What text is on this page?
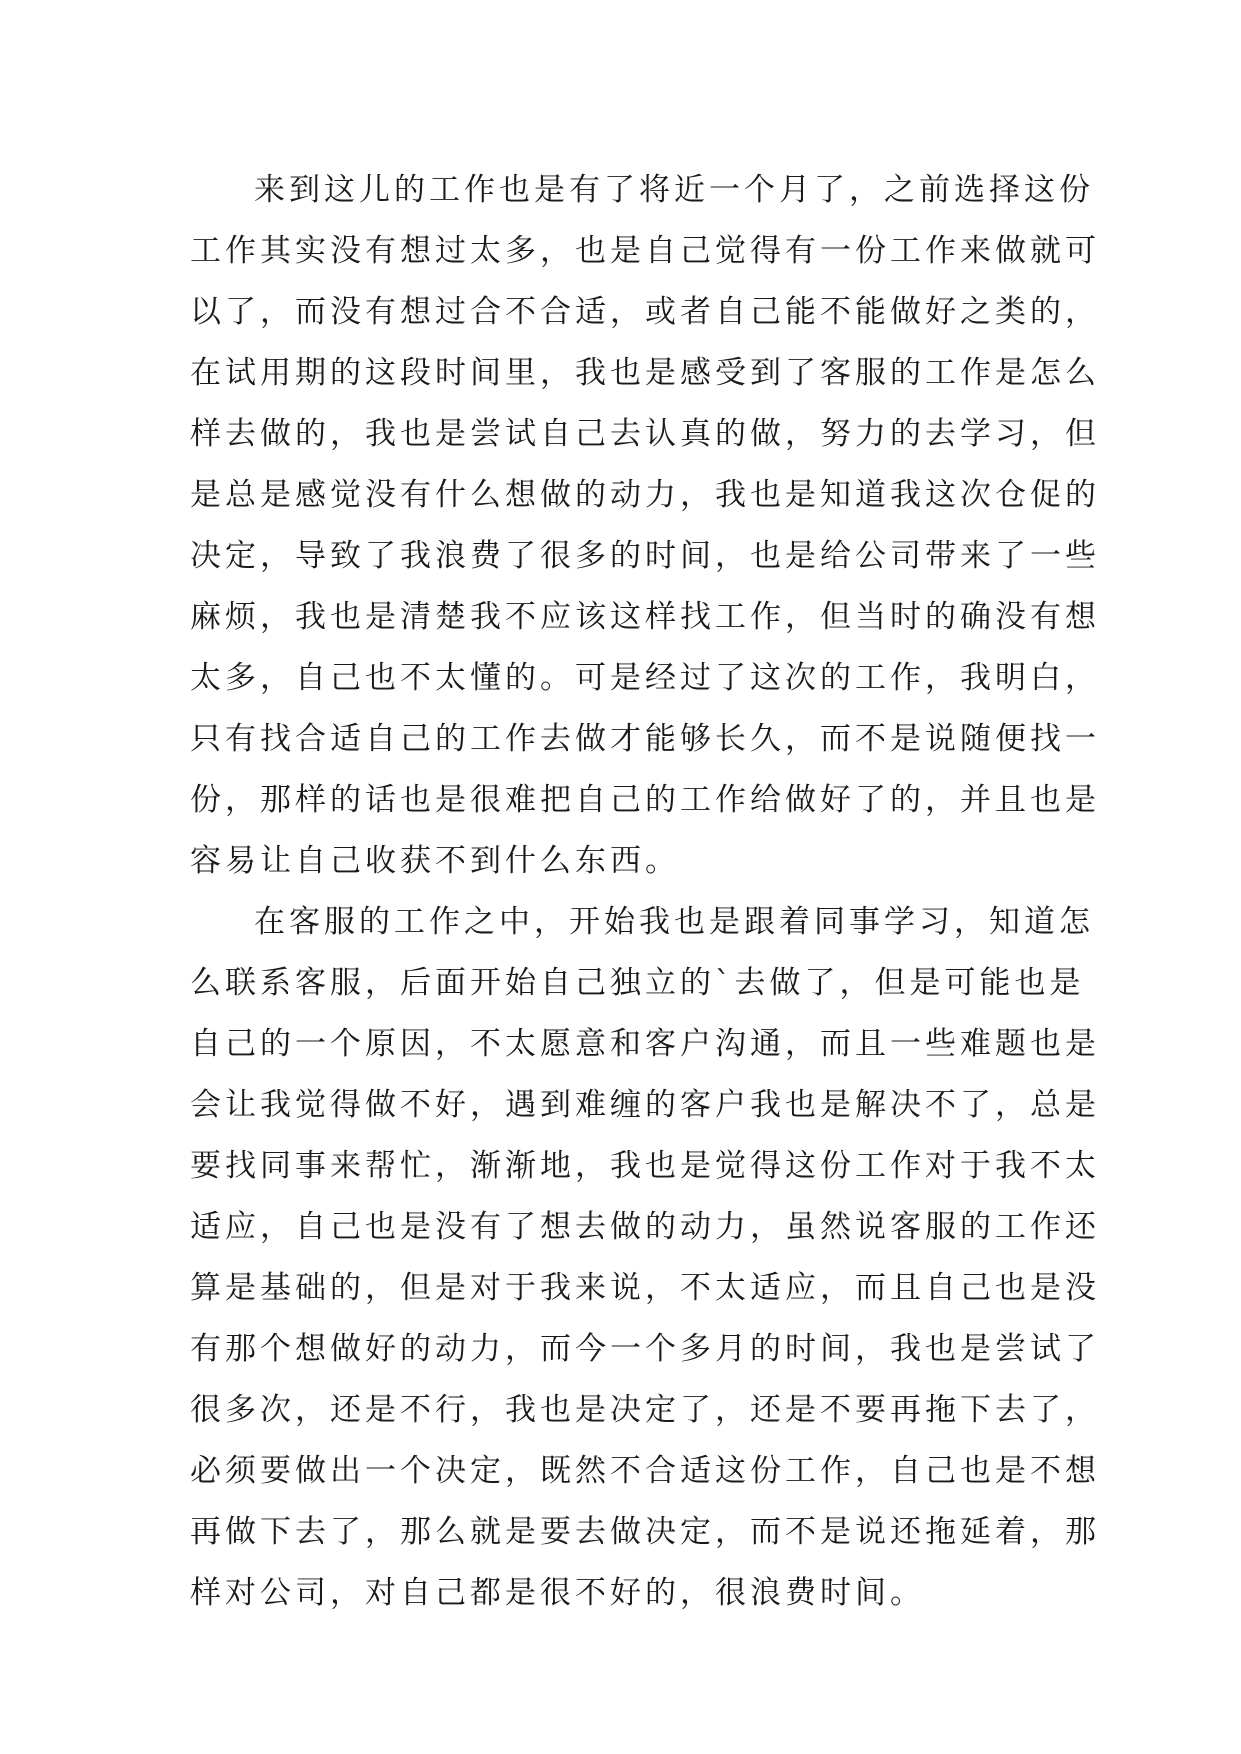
来到这儿的工作也是有了将近一个月了，之前选择这份
工作其实没有想过太多，也是自己觉得有一份工作来做就可
以了，而没有想过合不合适，或者自己能不能做好之类的，
在试用期的这段时间里，我也是感受到了客服的工作是怎么
样去做的，我也是尝试自己去认真的做，努力的去学习，但
是总是感觉没有什么想做的动力，我也是知道我这次仓促的
决定，导致了我浪费了很多的时间，也是给公司带来了一些
麻烦，我也是清楚我不应该这样找工作，但当时的确没有想
太多，自己也不太懂的。可是经过了这次的工作，我明白，
只有找合适自己的工作去做才能够长久，而不是说随便找一
份，那样的话也是很难把自己的工作给做好了的，并且也是
容易让自己收获不到什么东西。
在客服的工作之中，开始我也是跟着同事学习，知道怎
么联系客服，后面开始自己独立的`去做了，但是可能也是
自己的一个原因，不太愿意和客户沟通，而且一些难题也是
会让我觉得做不好，遇到难缠的客户我也是解决不了，总是
要找同事来帮忙，渐渐地，我也是觉得这份工作对于我不太
适应，自己也是没有了想去做的动力，虽然说客服的工作还
算是基础的，但是对于我来说，不太适应，而且自己也是没
有那个想做好的动力，而今一个多月的时间，我也是尝试了
很多次，还是不行，我也是决定了，还是不要再拖下去了，
必须要做出一个决定，既然不合适这份工作，自己也是不想
再做下去了，那么就是要去做决定，而不是说还拖延着，那
样对公司，对自己都是很不好的，很浪费时间。
